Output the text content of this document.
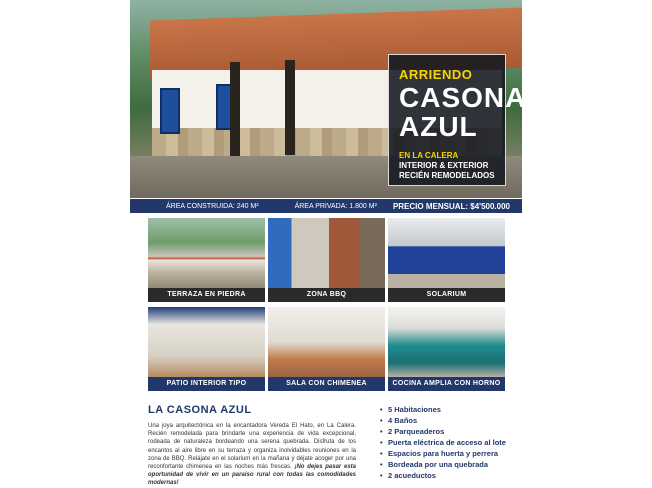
ARRIENDO
CASONA AZUL
EN LA CALERA
INTERIOR & EXTERIOR
RECIÉN REMODELADOS
ÁREA CONSTRUIDA: 240 M²	ÁREA PRIVADA: 1.800 M² PRECIO MENSUAL: $4'500.000
TERRAZA EN PIEDRA	ZONA BBQ	SOLARIUM
PATIO INTERIOR TIPO CLAUSTRO
SALA CON CHIMENEA	COCINA AMPLIA CON HORNO
LA CASONA AZUL
Una joya arquitectónica en la encantadora Vereda El Hato, en La Calera. Recién remodelada para brindarte una experiencia de vida excepcional, rodeada de naturaleza bordeando una serena quebrada. Disfruta de los encantos al aire libre en su terraza y organiza inolvidables reuniones en la zona de BBQ. Relájate en el solarium en la mañana y déjate acoger por una reconfortante chimenea en las noches más frescas. ¡No dejes pasar esta oportunidad de vivir en un paraíso rural con todas las comodidades modernas!
• 5 Habitaciones
• 4 Baños
• 2 Parqueaderos
• Puerta eléctrica de acceso al lote
• Espacios para huerta y perrera
• Bordeada por una quebrada
• 2 acueductos
